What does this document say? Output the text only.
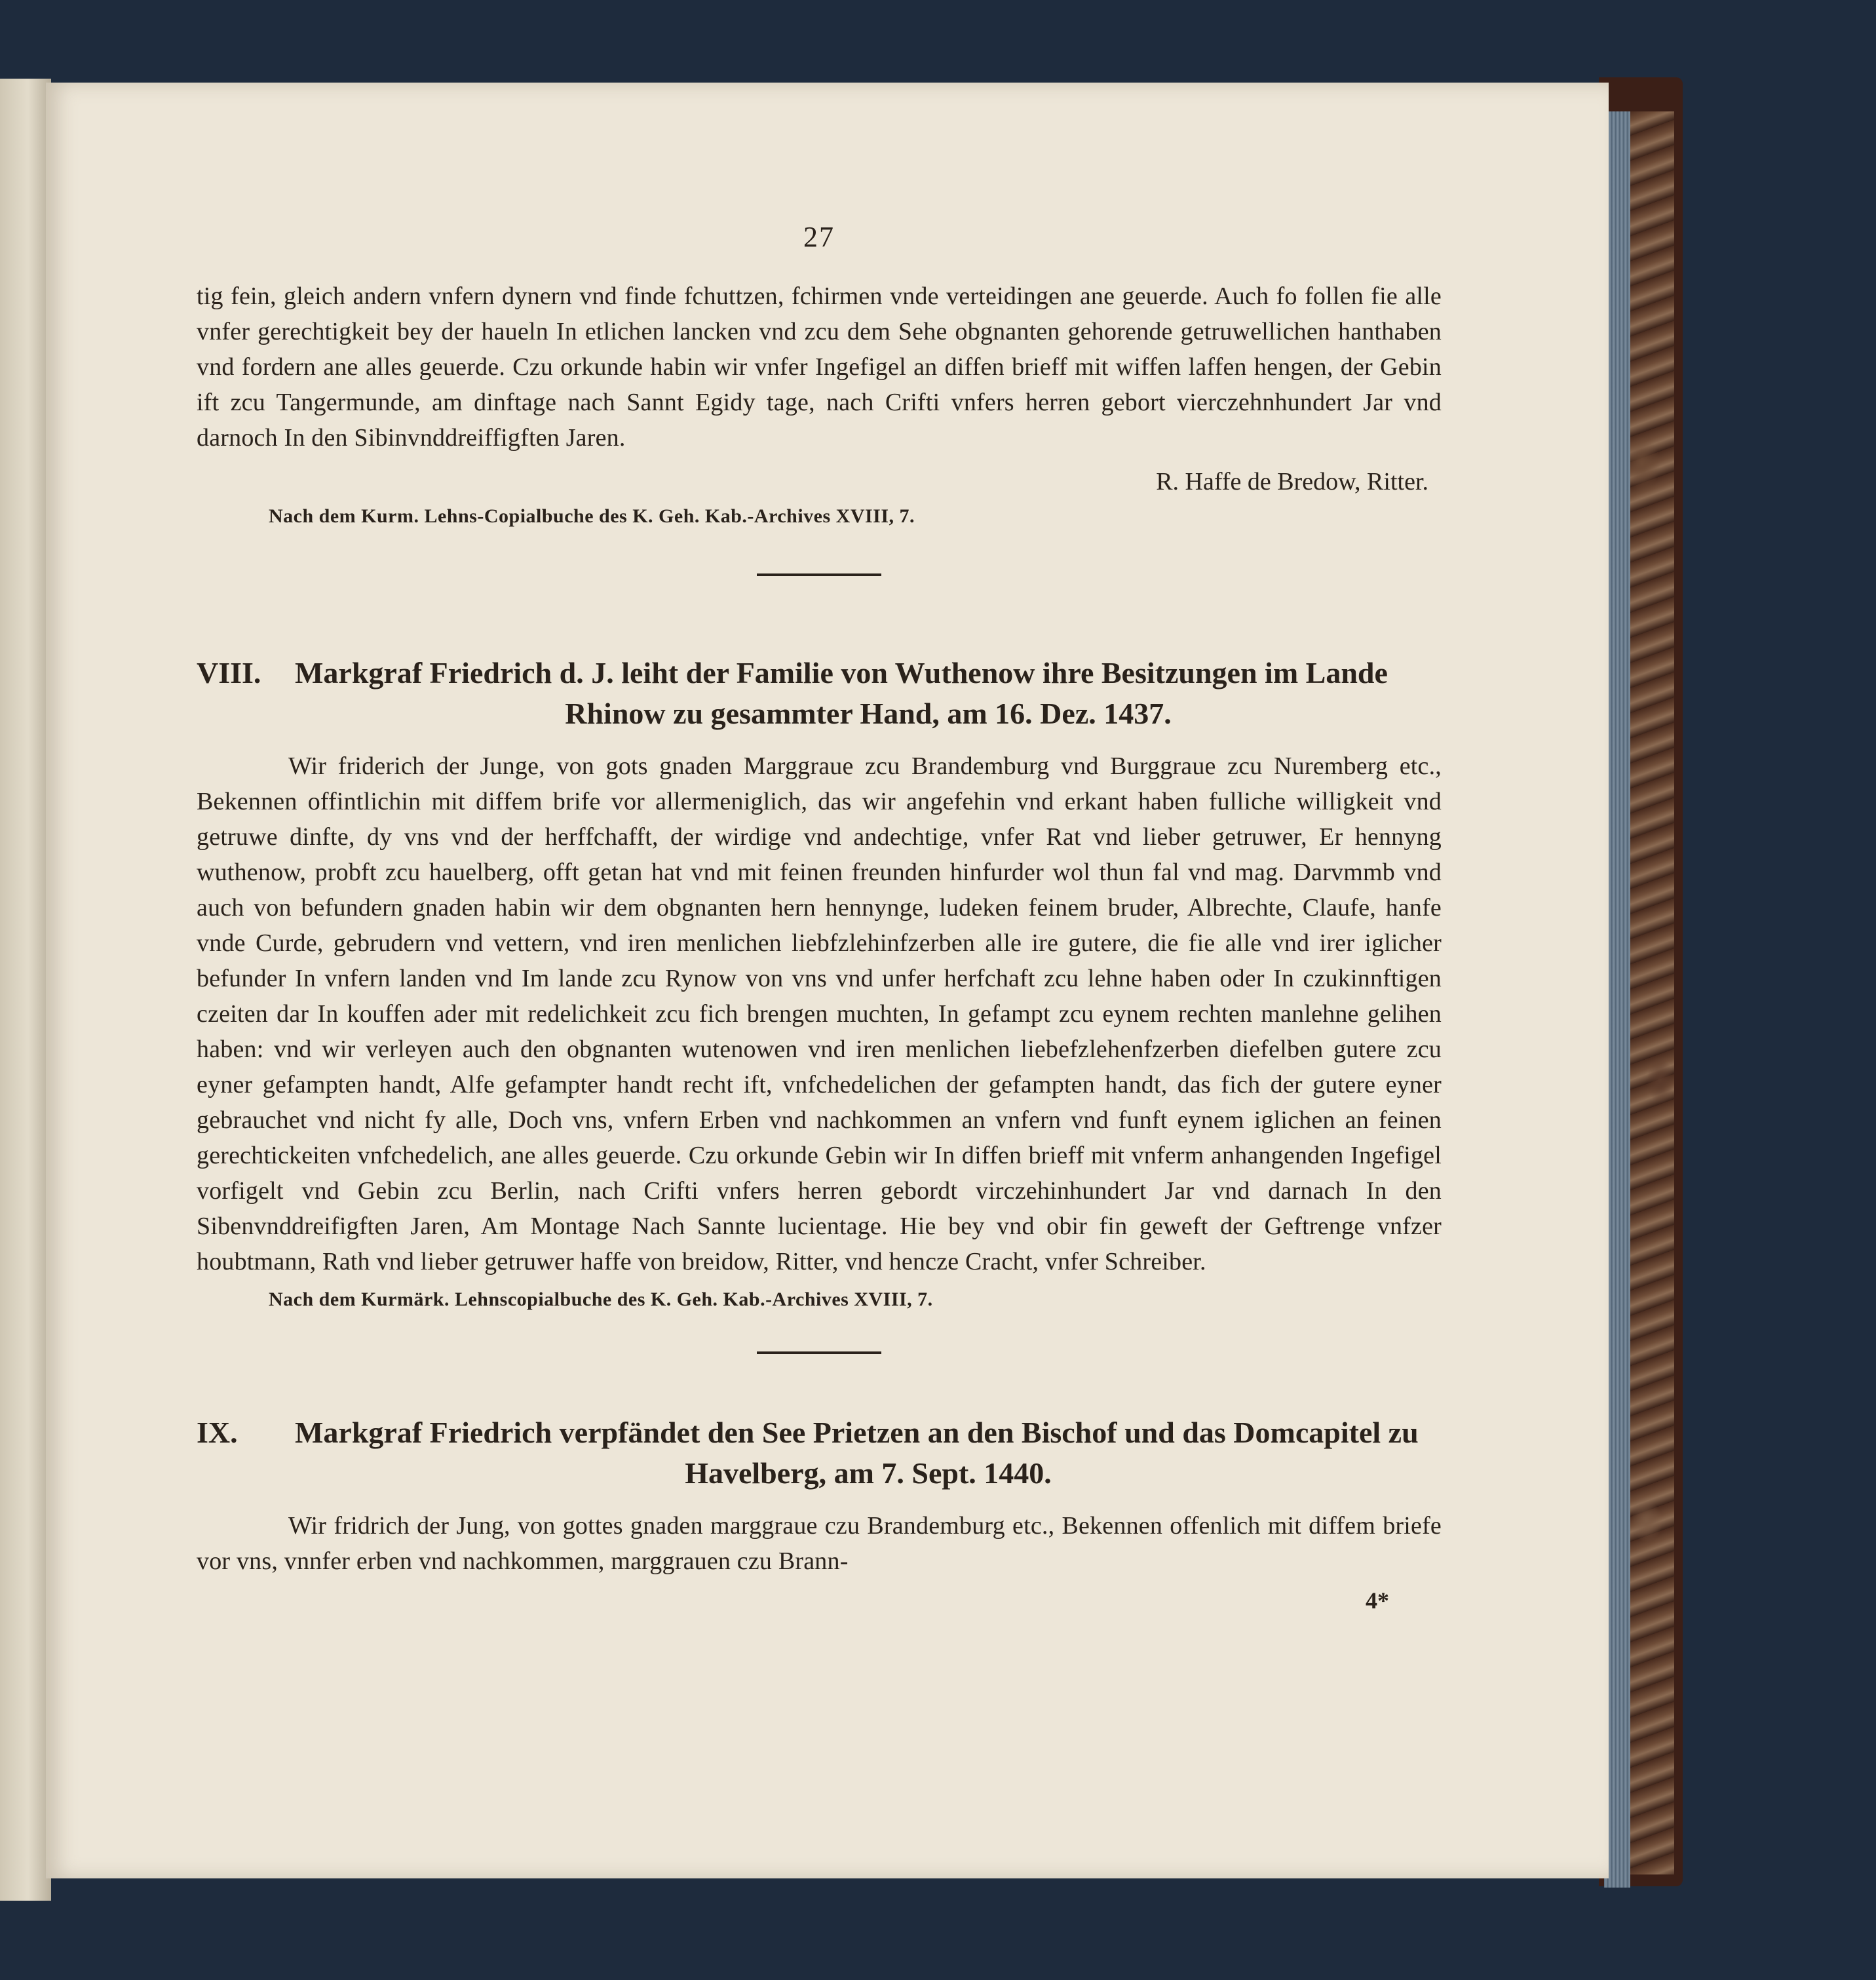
27

tig fein, gleich andern vnfern dynern vnd finde fchuttzen, fchirmen vnde verteidingen ane geuerde. Auch fo follen fie alle vnfer gerechtigkeit bey der haueln In etlichen lancken vnd zcu dem Sehe obgnanten gehorende getruwellichen hanthaben vnd fordern ane alles geuerde. Czu orkunde habin wir vnfer Ingefigel an diffen brieff mit wiffen laffen hengen, der Gebin ift zcu Tangermunde, am dinftage nach Sannt Egidy tage, nach Crifti vnfers herren gebort vierczehnhundert Jar vnd darnoch In den Sibinvnddreiffigften Jaren.

R. Haffe de Bredow, Ritter.
Nach dem Kurm. Lehns-Copialbuche des K. Geh. Kab.-Archives XVIII, 7.
VIII.	Markgraf Friedrich d. J. leiht der Familie von Wuthenow ihre Besitzungen im Lande
Rhinow zu gesammter Hand, am 16. Dez. 1437.

Wir friderich der Junge, von gots gnaden Marggraue zcu Brandemburg vnd Burggraue zcu Nuremberg etc., Bekennen offintlichin mit diffem brife vor allermeniglich, das wir angefehin vnd erkant haben fulliche willigkeit vnd getruwe dinfte, dy vns vnd der herffchafft, der wirdige vnd andechtige, vnfer Rat vnd lieber getruwer, Er hennyng wuthenow, probft zcu hauelberg, offt getan hat vnd mit feinen freunden hinfurder wol thun fal vnd mag. Darvmmb vnd auch von befundern gnaden habin wir dem obgnanten hern hennynge, ludeken feinem bruder, Albrechte, Claufe, hanfe vnde Curde, gebrudern vnd vettern, vnd iren menlichen liebfzlehinfzerben alle ire gutere, die fie alle vnd irer iglicher befunder In vnfern landen vnd Im lande zcu Rynow von vns vnd unfer herfchaft zcu lehne haben oder In czukinnftigen czeiten dar In kouffen ader mit redelichkeit zcu fich brengen muchten, In gefampt zcu eynem rechten manlehne gelihen haben: vnd wir verleyen auch den obgnanten wutenowen vnd iren menlichen liebefzlehenfzerben diefelben gutere zcu eyner gefampten handt, Alfe gefampter handt recht ift, vnfchedelichen der gefampten handt, das fich der gutere eyner gebrauchet vnd nicht fy alle, Doch vns, vnfern Erben vnd nachkommen an vnfern vnd funft eynem iglichen an feinen gerechtickeiten vnfchedelich, ane alles geuerde. Czu orkunde Gebin wir In diffen brieff mit vnferm anhangenden Ingefigel vorfigelt vnd Gebin zcu Berlin, nach Crifti vnfers herren gebordt virczehinhundert Jar vnd darnach In den Sibenvnddreifigften Jaren, Am Montage Nach Sannte lucientage. Hie bey vnd obir fin geweft der Geftrenge vnfzer houbtmann, Rath vnd lieber getruwer haffe von breidow, Ritter, vnd hencze Cracht, vnfer Schreiber.

Nach dem Kurmärk. Lehnscopialbuche des K. Geh. Kab.-Archives XVIII, 7.
IX.	Markgraf Friedrich verpfändet den See Prietzen an den Bischof und das Domcapitel zu
Havelberg, am 7. Sept. 1440.

Wir fridrich der Jung, von gottes gnaden marggraue czu Brandemburg etc., Bekennen offenlich mit diffem briefe vor vns, vnnfer erben vnd nachkommen, marggrauen czu Brann-

4*
